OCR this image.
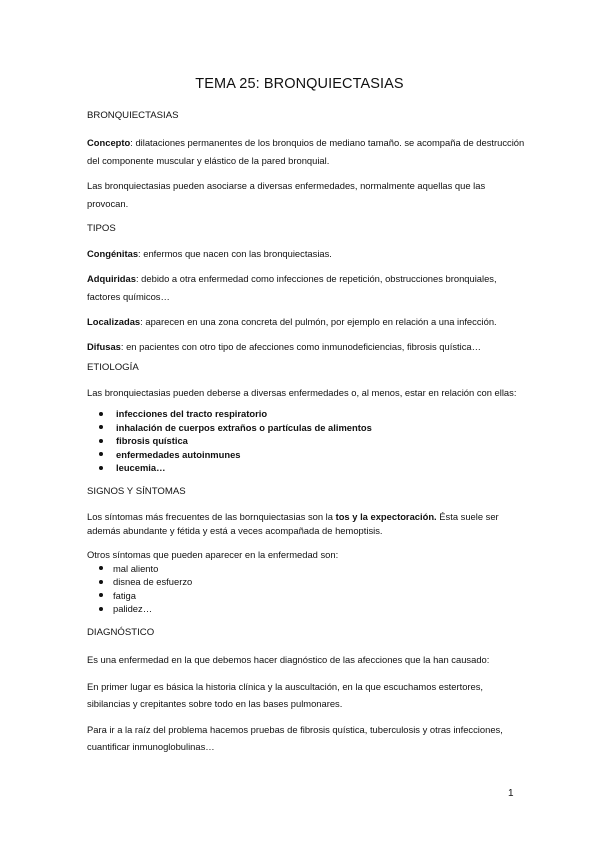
TEMA 25: BRONQUIECTASIAS

BRONQUIECTASIAS

Concepto: dilataciones permanentes de los bronquios de mediano tamaño. se acompaña de destrucción del componente muscular y elástico de la pared bronquial.

Las bronquiectasias pueden asociarse a diversas enfermedades, normalmente aquellas que las provocan.

TIPOS

Congénitas: enfermos que nacen con las bronquiectasias.

Adquiridas: debido a otra enfermedad como infecciones de repetición, obstrucciones bronquiales, factores químicos…

Localizadas: aparecen en una zona concreta del pulmón, por ejemplo en relación a una infección.

Difusas: en pacientes con otro tipo de afecciones como inmunodeficiencias, fibrosis quística…

ETIOLOGÍA

Las bronquiectasias pueden deberse a diversas enfermedades o, al menos, estar en relación con ellas:

infecciones del tracto respiratorio
inhalación de cuerpos extraños o partículas de alimentos
fibrosis quística
enfermedades autoinmunes
leucemia…

SIGNOS Y SÍNTOMAS

Los síntomas más frecuentes de las bornquiectasias son la tos y la expectoración. Ésta suele ser además abundante y fétida y está a veces acompañada de hemoptisis.

Otros síntomas que pueden aparecer en la enfermedad son:

mal aliento
disnea de esfuerzo
fatiga
palidez…

DIAGNÓSTICO

Es una enfermedad en la que debemos hacer diagnóstico de las afecciones que la han causado:

En primer lugar es básica la historia clínica y la auscultación, en la que escuchamos estertores, sibilancias y crepitantes sobre todo en las bases pulmonares.

Para ir a la raíz del problema hacemos pruebas de fibrosis quística, tuberculosis y otras infecciones, cuantificar inmunoglobulinas…

1
